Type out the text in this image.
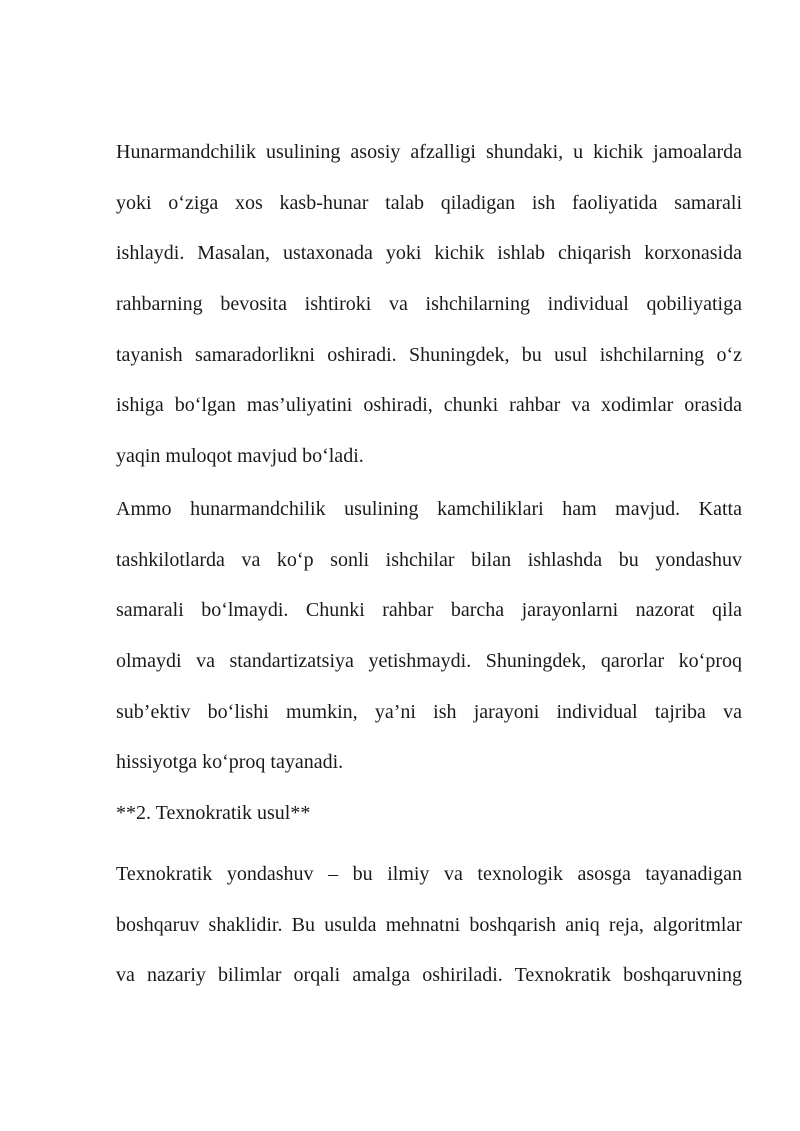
Hunarmandchilik usulining asosiy afzalligi shundaki, u kichik jamoalarda
yoki o‘ziga xos kasb-hunar talab qiladigan ish faoliyatida samarali
ishlaydi. Masalan, ustaxonada yoki kichik ishlab chiqarish korxonasida
rahbarning bevosita ishtiroki va ishchilarning individual qobiliyatiga
tayanish samaradorlikni oshiradi. Shuningdek, bu usul ishchilarning o‘z
ishiga bo‘lgan mas’uliyatini oshiradi, chunki rahbar va xodimlar orasida
yaqin muloqot mavjud bo‘ladi.
Ammo hunarmandchilik usulining kamchiliklari ham mavjud. Katta
tashkilotlarda va ko‘p sonli ishchilar bilan ishlashda bu yondashuv
samarali bo‘lmaydi. Chunki rahbar barcha jarayonlarni nazorat qila
olmaydi va standartizatsiya yetishmaydi. Shuningdek, qarorlar ko‘proq
sub’ektiv bo‘lishi mumkin, ya’ni ish jarayoni individual tajriba va
hissiyotga ko‘proq tayanadi.
**2. Texnokratik usul**
Texnokratik yondashuv – bu ilmiy va texnologik asosga tayanadigan
boshqaruv shaklidir. Bu usulda mehnatni boshqarish aniq reja, algoritmlar
va nazariy bilimlar orqali amalga oshiriladi. Texnokratik boshqaruvning
